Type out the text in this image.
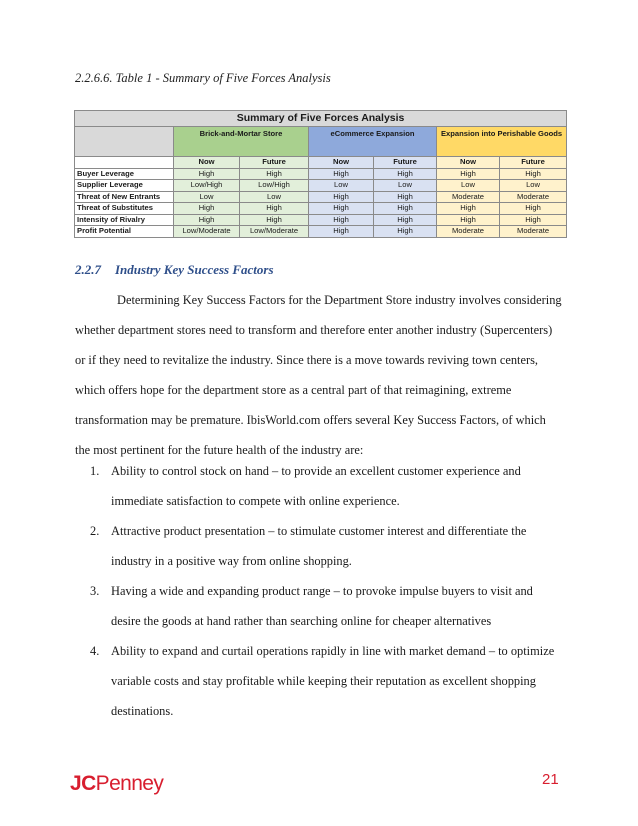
2.2.6.6. Table 1 - Summary of Five Forces Analysis
Summary of Five Forces Analysis						
	Brick-and-Mortar Store		eCommerce Expansion		Expansion into Perishable Goods	
	Now	Future	Now	Future	Now	Future
Buyer Leverage	High	High	High	High	High	High
Supplier Leverage	Low/High	Low/High	Low	Low	Low	Low
Threat of New Entrants	Low	Low	High	High	Moderate	Moderate
Threat of Substitutes	High	High	High	High	High	High
Intensity of Rivalry	High	High	High	High	High	High
Profit Potential	Low/Moderate	Low/Moderate	High	High	Moderate	Moderate
2.2.7 Industry Key Success Factors

Determining Key Success Factors for the Department Store industry involves considering
whether department stores need to transform and therefore enter another industry (Supercenters)
or if they need to revitalize the industry. Since there is a move towards reviving town centers,
which offers hope for the department store as a central part of that reimagining, extreme
transformation may be premature. IbisWorld.com offers several Key Success Factors, of which
the most pertinent for the future health of the industry are:

1. Ability to control stock on hand – to provide an excellent customer experience and
immediate satisfaction to compete with online experience.
2. Attractive product presentation – to stimulate customer interest and differentiate the
industry in a positive way from online shopping.
3. Having a wide and expanding product range – to provoke impulse buyers to visit and
desire the goods at hand rather than searching online for cheaper alternatives
4. Ability to expand and curtail operations rapidly in line with market demand – to optimize
variable costs and stay profitable while keeping their reputation as excellent shopping
destinations.
JCPenney	21
